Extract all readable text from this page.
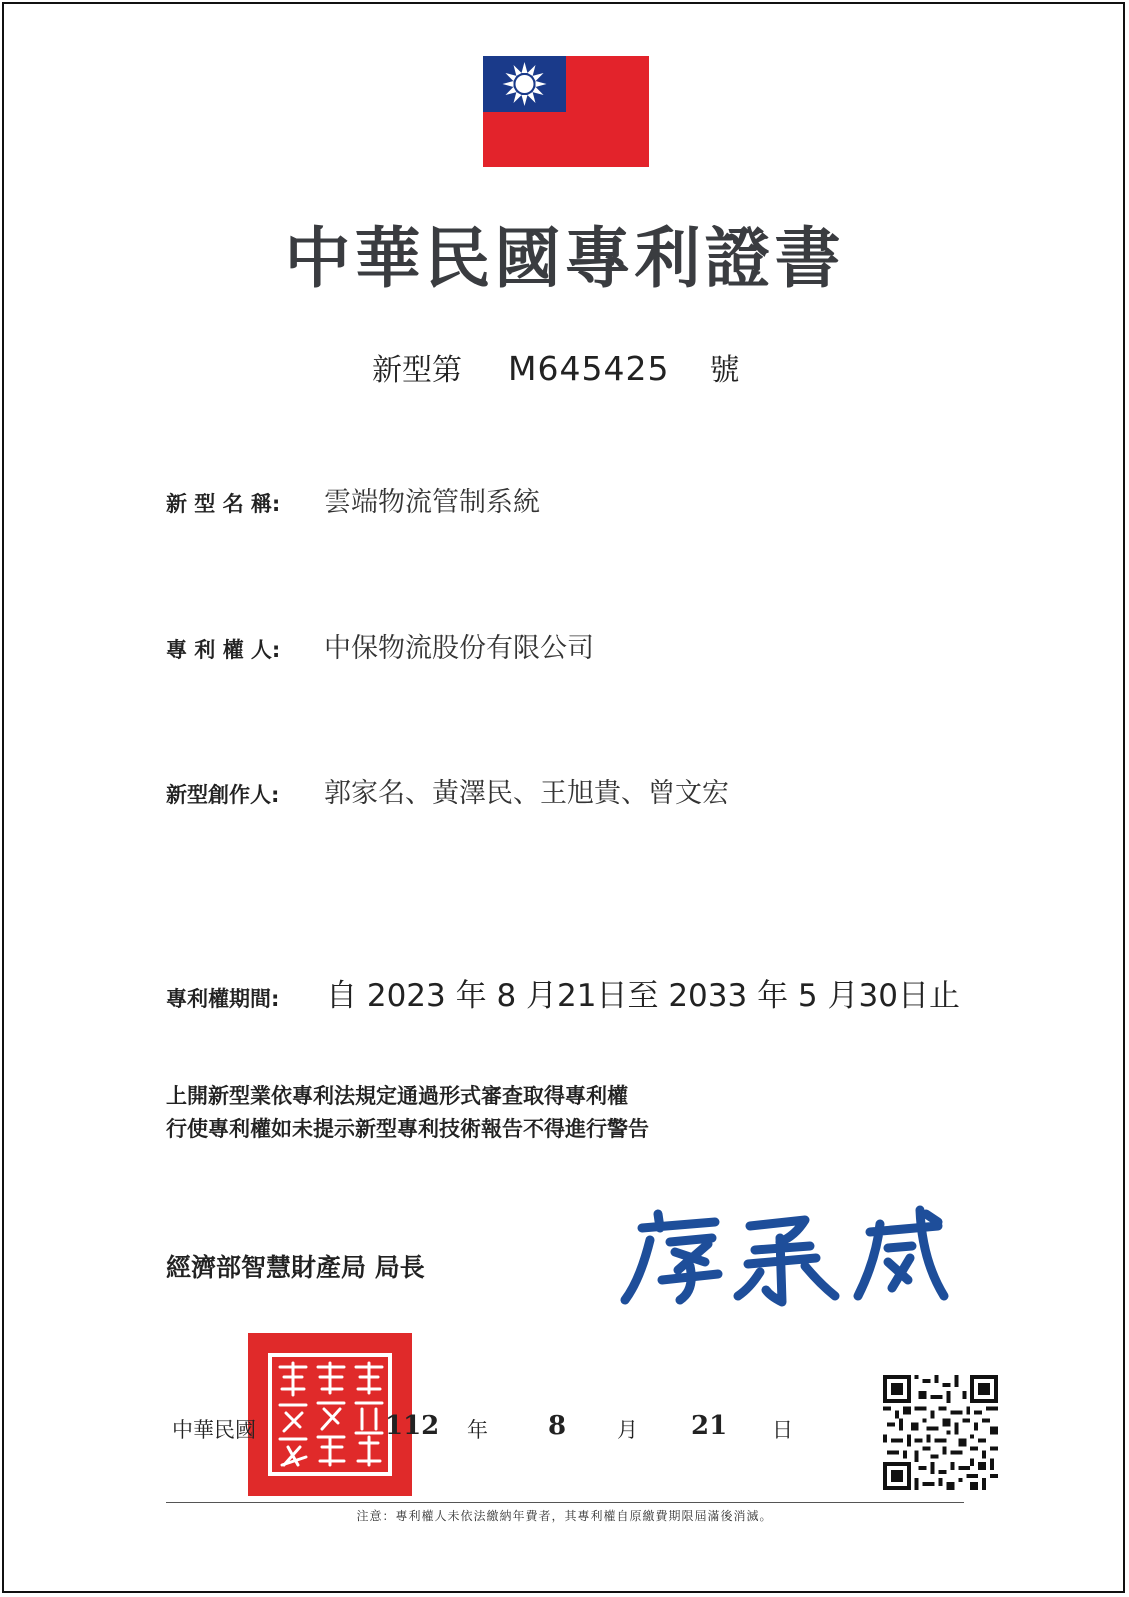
中華民國專利證書
新型第 M645425 號
新 型 名 稱: 雲端物流管制系統
專 利 權 人: 中保物流股份有限公司
新型創作人: 郭家名、黃澤民、王旭貴、曾文宏
專利權期間: 自 2023 年 8 月21日至 2033 年 5 月30日止
上開新型業依專利法規定通過形式審查取得專利權
行使專利權如未提示新型專利技術報告不得進行警告
經濟部智慧財產局 局長
中華民國	112 年 8 月 21 日
注意：專利權人未依法繳納年費者，其專利權自原繳費期限屆滿後消滅。
